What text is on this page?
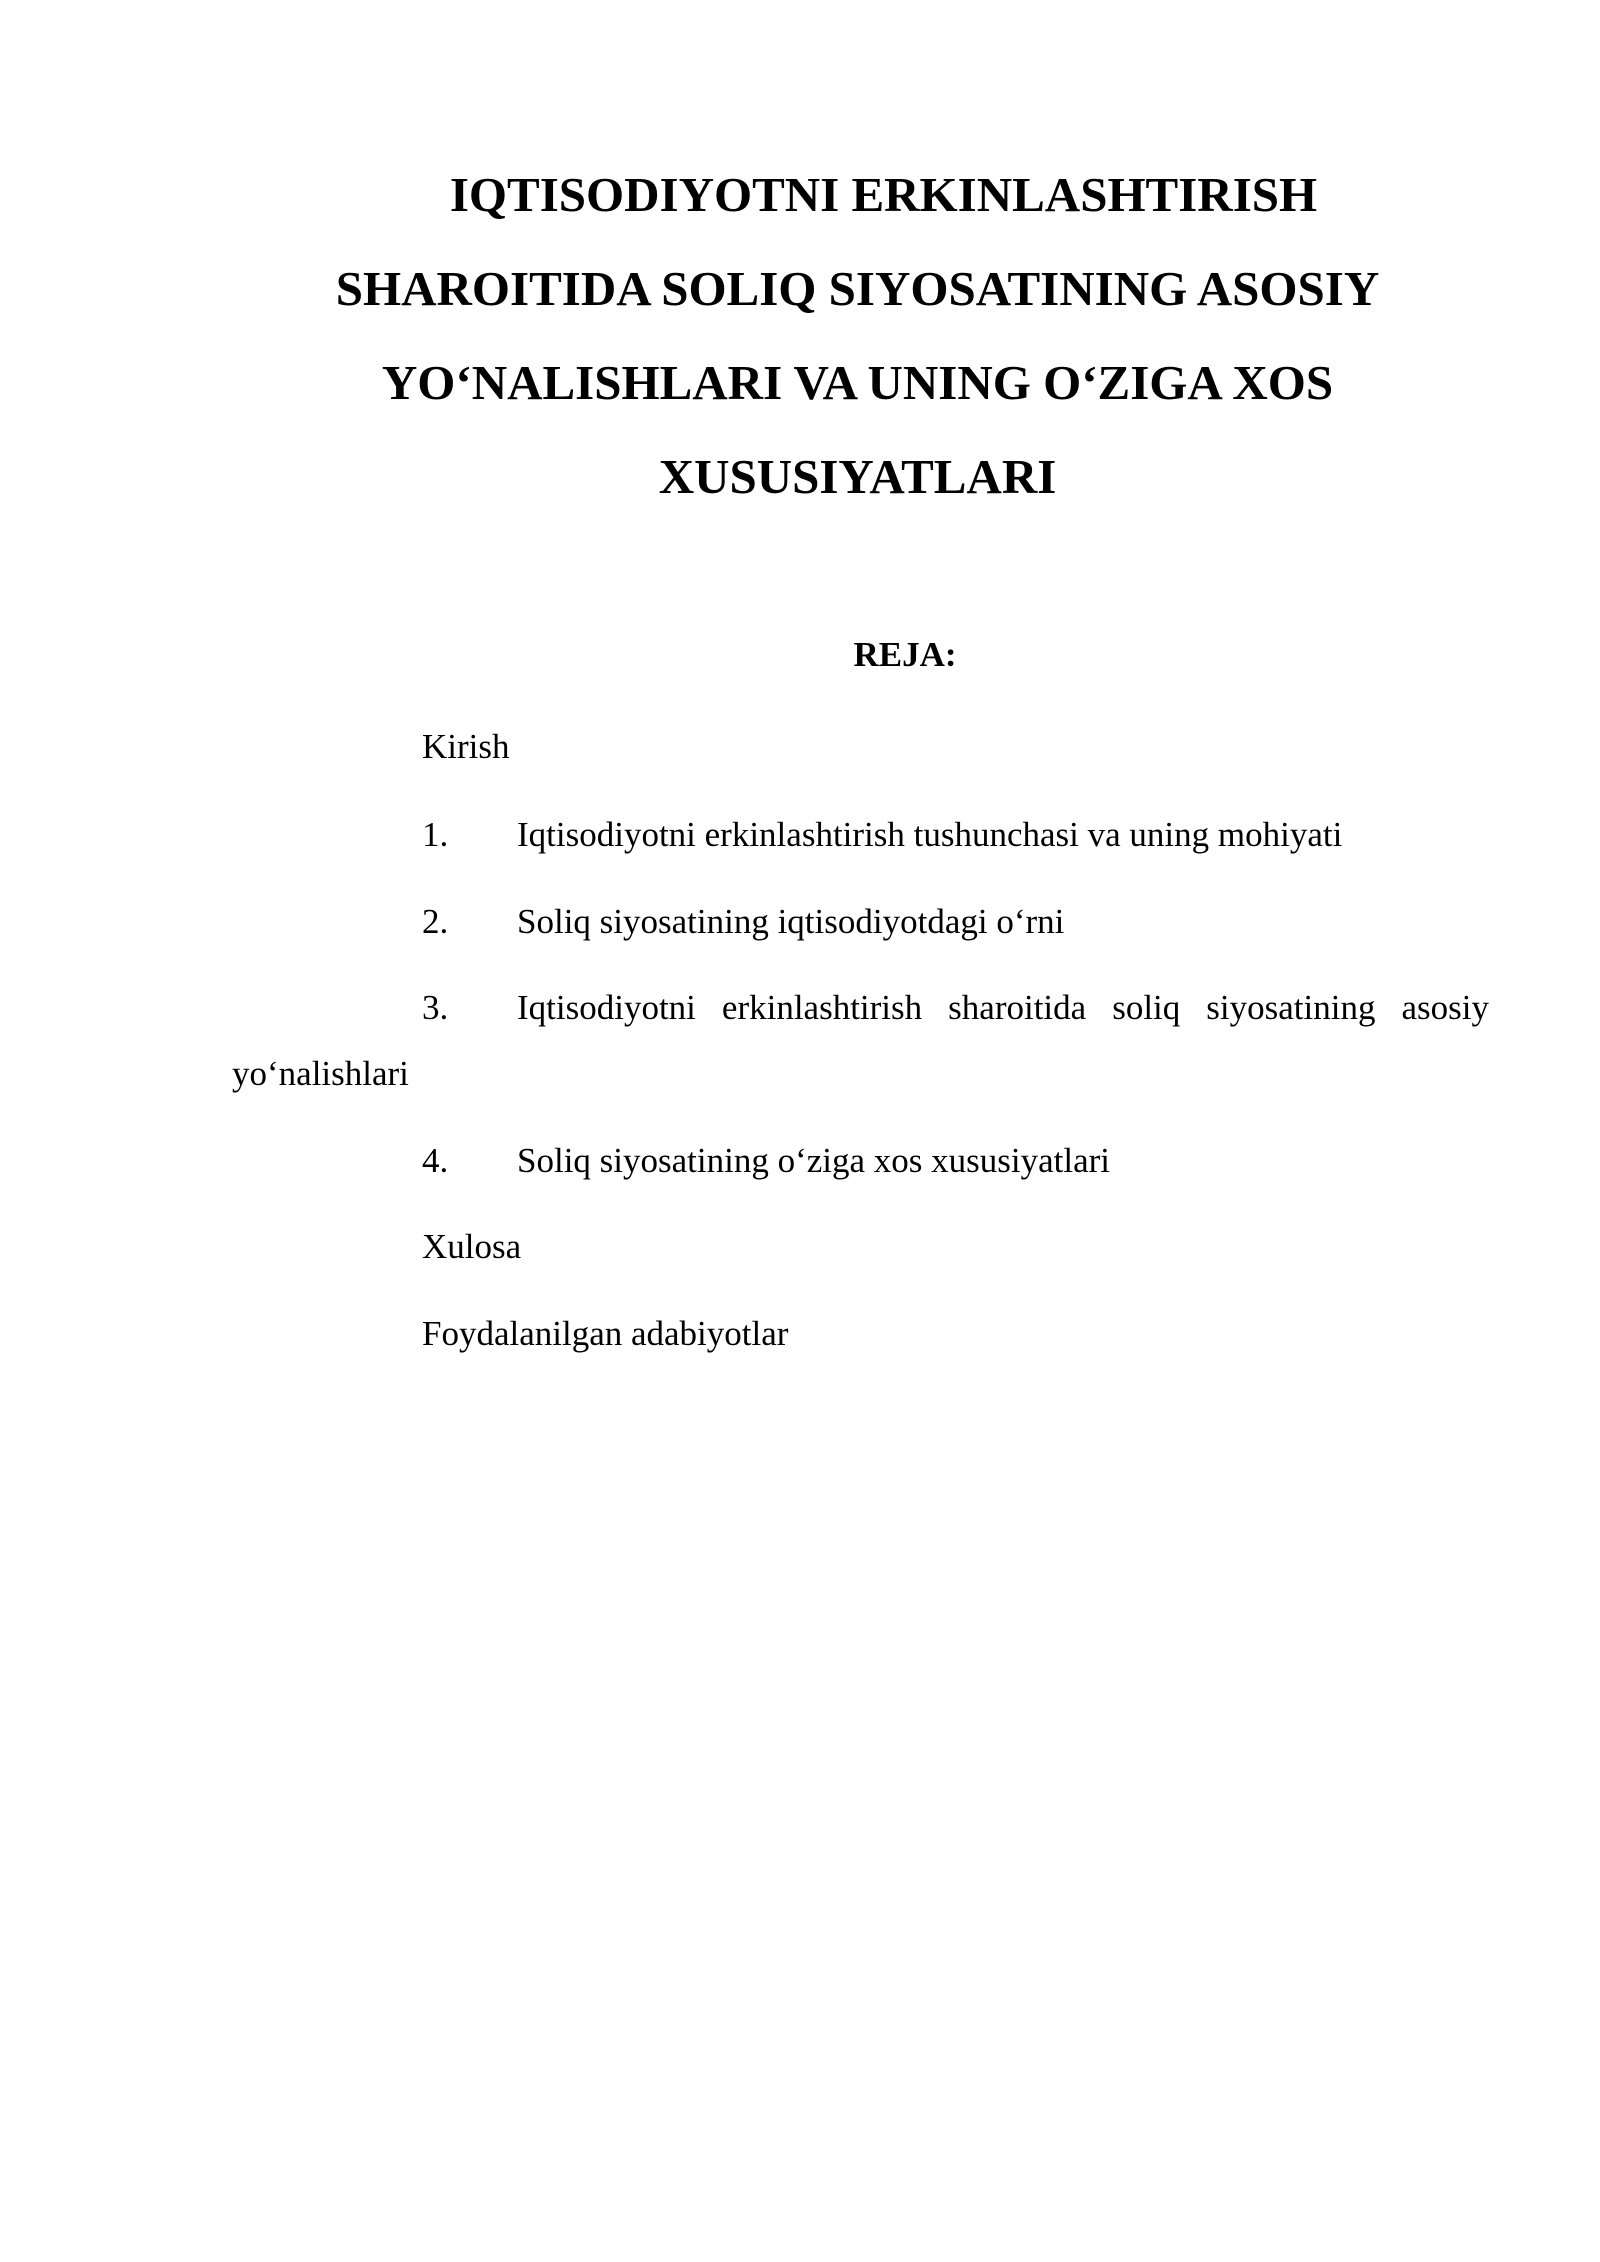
IQTISODIYOTNI ERKINLASHTIRISH
SHAROITIDA SOLIQ SIYOSATINING ASOSIY
YO‘NALISHLARI VA UNING O‘ZIGA XOS
XUSUSIYATLARI
REJA:
Kirish
1. Iqtisodiyotni erkinlashtirish tushunchasi va uning mohiyati
2. Soliq siyosatining iqtisodiyotdagi o‘rni
3. Iqtisodiyotni erkinlashtirish sharoitida soliq siyosatining asosiy
yo‘nalishlari
4. Soliq siyosatining o‘ziga xos xususiyatlari
Xulosa
Foydalanilgan adabiyotlar
